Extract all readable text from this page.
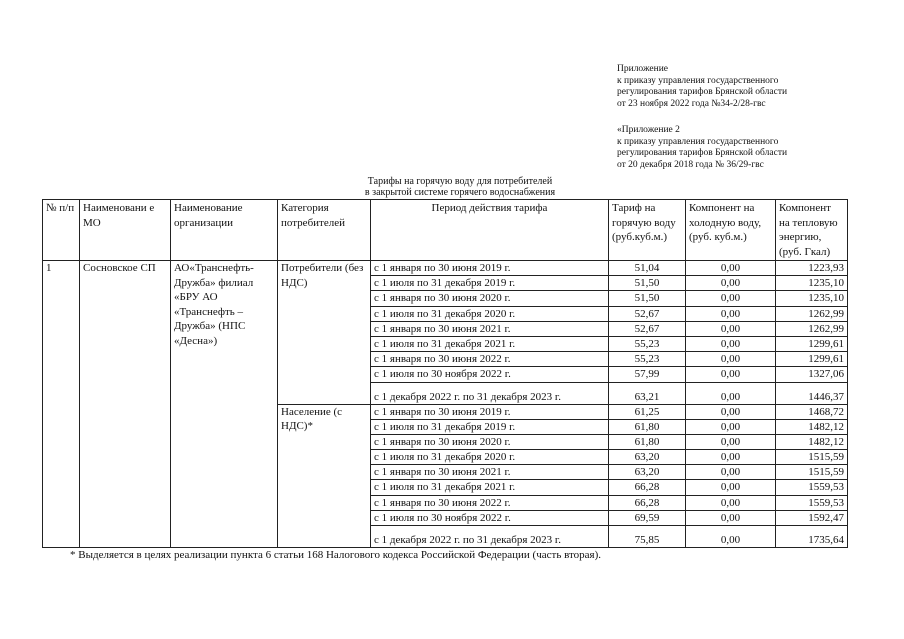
Приложение
к приказу управления государственного
регулирования тарифов Брянской области
от 23 ноября 2022 года №34-2/28-гвс
«Приложение 2
к приказу управления государственного
регулирования тарифов Брянской области
от 20 декабря 2018 года № 36/29-гвс
Тарифы на горячую воду для потребителей
в закрытой системе горячего водоснабжения
№ п/п	Наименовани е МО	Наименование организации	Категория потребителей	Период действия тарифа	Тариф на горячую воду (руб.куб.м.)	Компонент на холодную воду, (руб. куб.м.)	Компонент на тепловую энергию, (руб. Гкал)
1	Сосновское СП	АО«Транснефть-Дружба» филиал «БРУ АО «Транснефть – Дружба» (НПС «Десна»)	Потребители (без НДС)	с 1 января по 30 июня 2019 г.	51,04	0,00	1223,93
				с 1 июля по 31 декабря 2019 г.	51,50	0,00	1235,10
				с 1 января по 30 июня 2020 г.	51,50	0,00	1235,10
				с 1 июля по 31 декабря 2020 г.	52,67	0,00	1262,99
				с 1 января по 30 июня 2021 г.	52,67	0,00	1262,99
				с 1 июля по 31 декабря 2021 г.	55,23	0,00	1299,61
				с 1 января по 30 июня 2022 г.	55,23	0,00	1299,61
				с 1 июля по 30 ноября 2022 г.	57,99	0,00	1327,06
				с 1 декабря 2022 г. по 31 декабря 2023 г.	63,21	0,00	1446,37
			Население (с НДС)*	с 1 января по 30 июня 2019 г.	61,25	0,00	1468,72
				с 1 июля по 31 декабря 2019 г.	61,80	0,00	1482,12
				с 1 января по 30 июня 2020 г.	61,80	0,00	1482,12
				с 1 июля по 31 декабря 2020 г.	63,20	0,00	1515,59
				с 1 января по 30 июня 2021 г.	63,20	0,00	1515,59
				с 1 июля по 31 декабря 2021 г.	66,28	0,00	1559,53
				с 1 января по 30 июня 2022 г.	66,28	0,00	1559,53
				с 1 июля по 30 ноября 2022 г.	69,59	0,00	1592,47
				с 1 декабря 2022 г. по 31 декабря 2023 г.	75,85	0,00	1735,64
* Выделяется в целях реализации пункта 6 статьи 168 Налогового кодекса Российской Федерации (часть вторая).
